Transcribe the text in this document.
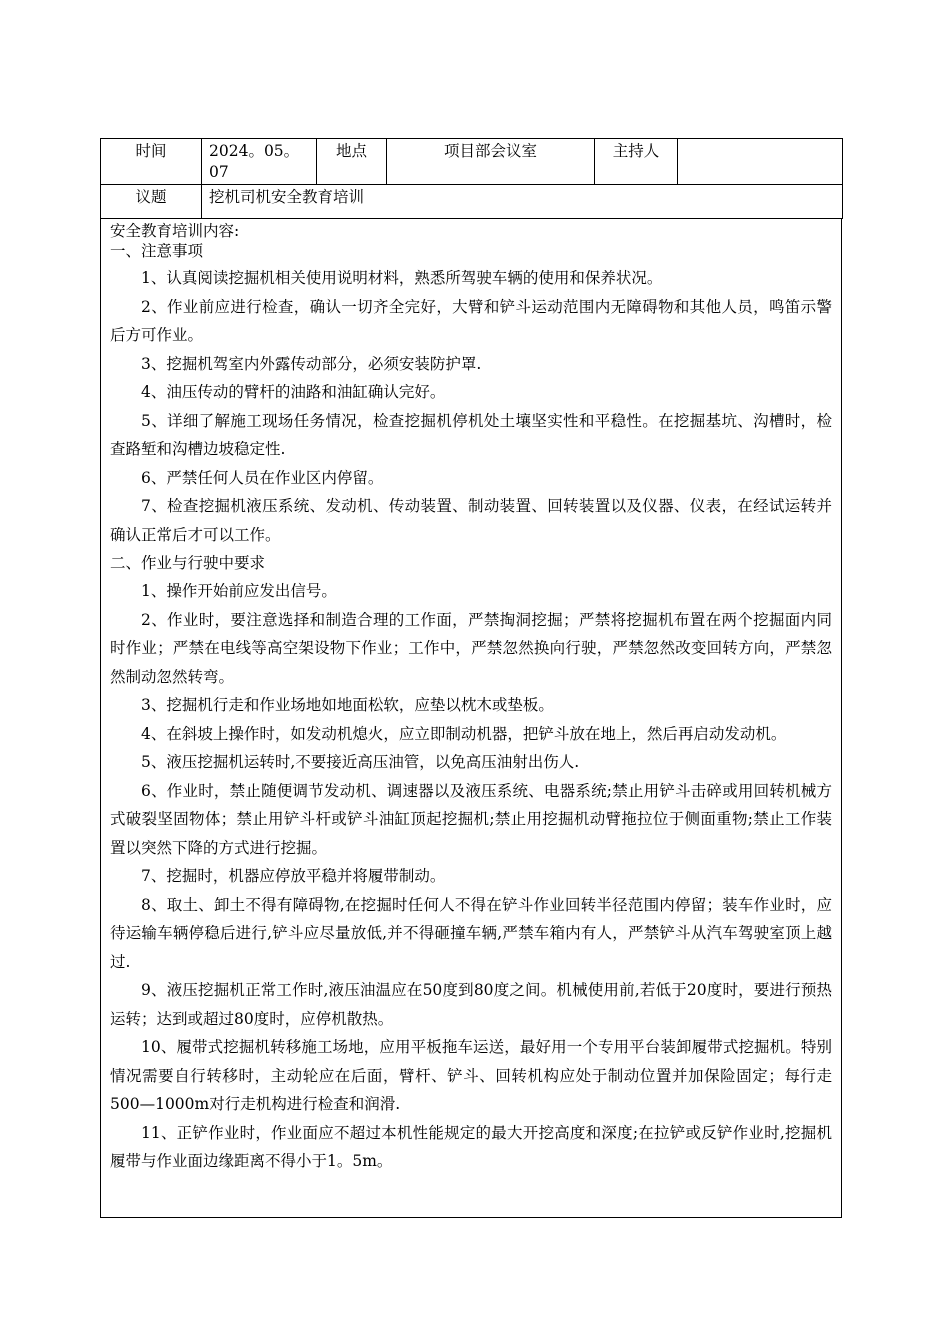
时间	2024。05。07	地点	项目部会议室	主持人	
议题	挖机司机安全教育培训				

安全教育培训内容:

一、注意事项

1、认真阅读挖掘机相关使用说明材料，熟悉所驾驶车辆的使用和保养状况。

2、作业前应进行检查，确认一切齐全完好，大臂和铲斗运动范围内无障碍物和其他人员，鸣笛示警后方可作业。

3、挖掘机驾室内外露传动部分，必须安装防护罩.

4、油压传动的臂杆的油路和油缸确认完好。

5、详细了解施工现场任务情况，检查挖掘机停机处土壤坚实性和平稳性。在挖掘基坑、沟槽时，检查路堑和沟槽边坡稳定性.

6、严禁任何人员在作业区内停留。

7、检查挖掘机液压系统、发动机、传动装置、制动装置、回转装置以及仪器、仪表，在经试运转并确认正常后才可以工作。

二、作业与行驶中要求

1、操作开始前应发出信号。

2、作业时，要注意选择和制造合理的工作面，严禁掏洞挖掘；严禁将挖掘机布置在两个挖掘面内同时作业；严禁在电线等高空架设物下作业；工作中，严禁忽然换向行驶，严禁忽然改变回转方向，严禁忽然制动忽然转弯。

3、挖掘机行走和作业场地如地面松软，应垫以枕木或垫板。

4、在斜坡上操作时，如发动机熄火，应立即制动机器，把铲斗放在地上，然后再启动发动机。

5、液压挖掘机运转时,不要接近高压油管，以免高压油射出伤人.

6、作业时，禁止随便调节发动机、调速器以及液压系统、电器系统;禁止用铲斗击碎或用回转机械方式破裂坚固物体；禁止用铲斗杆或铲斗油缸顶起挖掘机;禁止用挖掘机动臂拖拉位于侧面重物;禁止工作装置以突然下降的方式进行挖掘。

7、挖掘时，机器应停放平稳并将履带制动。

8、取土、卸土不得有障碍物,在挖掘时任何人不得在铲斗作业回转半径范围内停留；装车作业时，应待运输车辆停稳后进行,铲斗应尽量放低,并不得砸撞车辆,严禁车箱内有人，严禁铲斗从汽车驾驶室顶上越过.

9、液压挖掘机正常工作时,液压油温应在50度到80度之间。机械使用前,若低于20度时，要进行预热运转；达到或超过80度时，应停机散热。

10、履带式挖掘机转移施工场地，应用平板拖车运送，最好用一个专用平台装卸履带式挖掘机。特别情况需要自行转移时，主动轮应在后面，臂杆、铲斗、回转机构应处于制动位置并加保险固定；每行走500—1000m对行走机构进行检查和润滑.

11、正铲作业时，作业面应不超过本机性能规定的最大开挖高度和深度;在拉铲或反铲作业时,挖掘机履带与作业面边缘距离不得小于1。5m。
